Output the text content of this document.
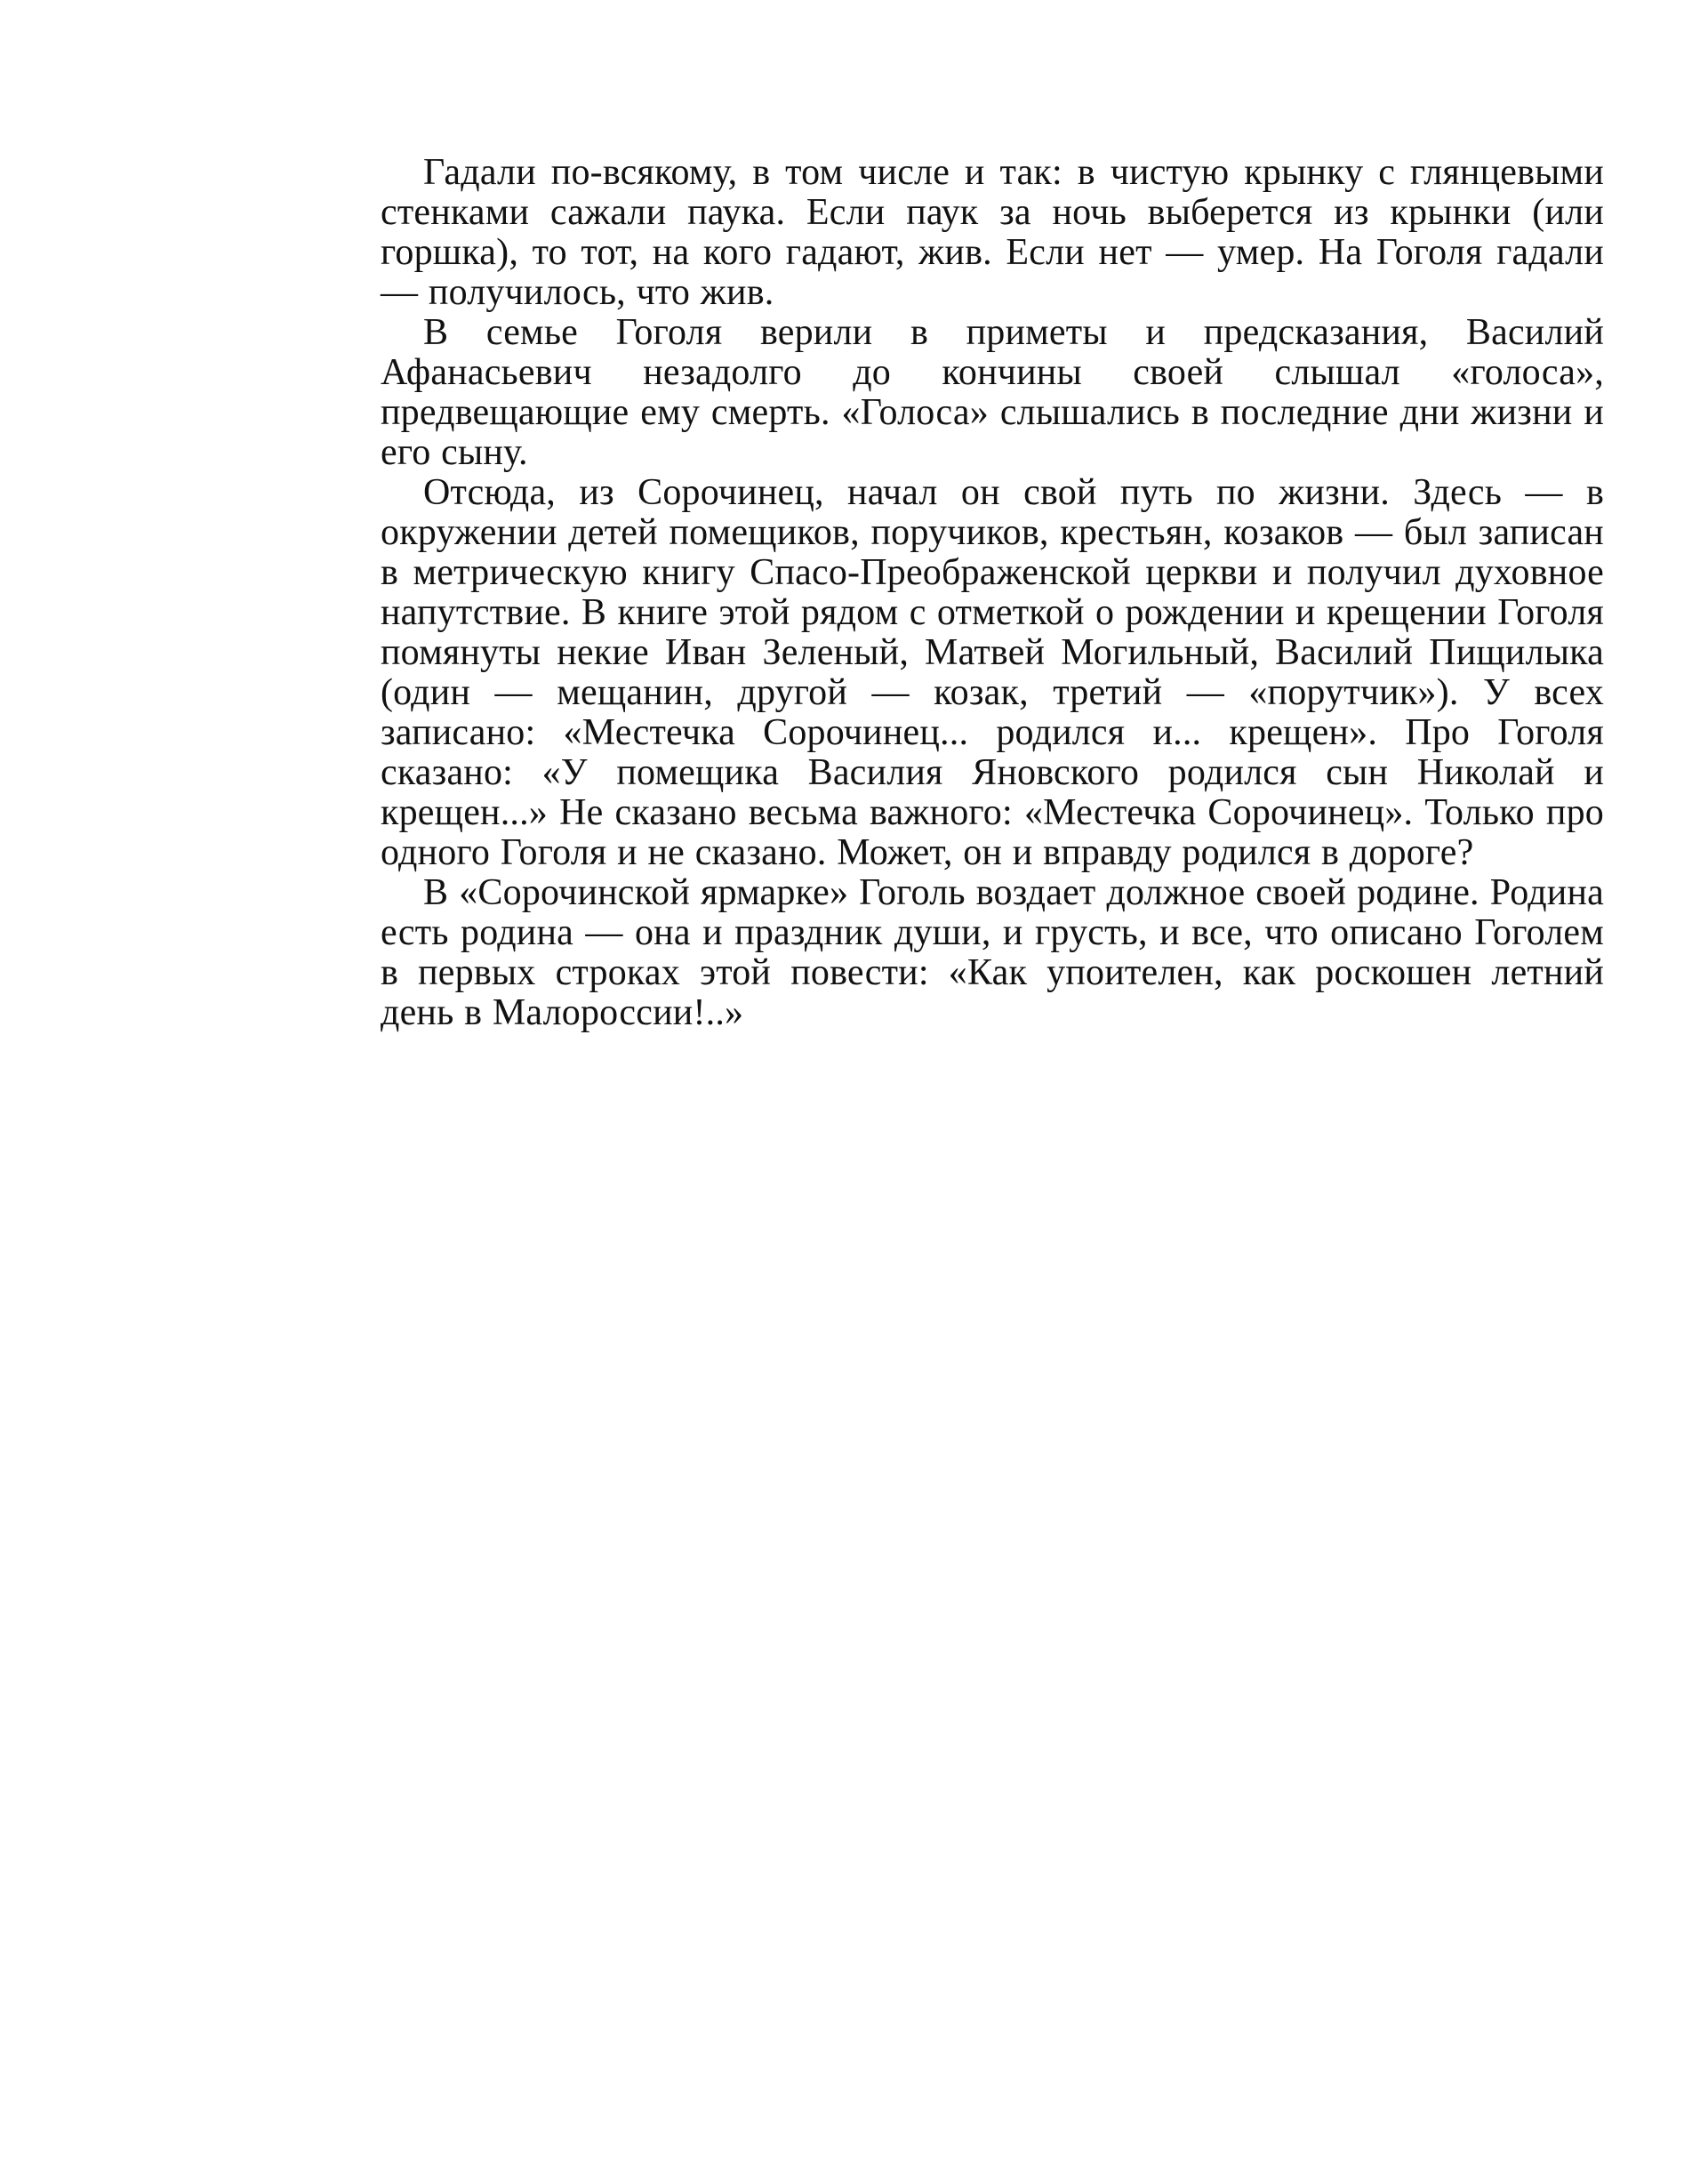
Гадали по-всякому, в том числе и так: в чистую крынку с глянцевыми стенками сажали паука. Если паук за ночь выберется из крынки (или горшка), то тот, на кого гадают, жив. Если нет — умер. На Гоголя гадали — получилось, что жив.

В семье Гоголя верили в приметы и предсказания, Василий Афанасьевич незадолго до кончины своей слышал «голоса», предвещающие ему смерть. «Голоса» слышались в последние дни жизни и его сыну.

Отсюда, из Сорочинец, начал он свой путь по жизни. Здесь — в окружении детей помещиков, поручиков, крестьян, козаков — был записан в метрическую книгу Спасо-Преображенской церкви и получил духовное напутствие. В книге этой рядом с отметкой о рождении и крещении Гоголя помянуты некие Иван Зеленый, Матвей Могильный, Василий Пищилыка (один — мещанин, другой — козак, третий — «порутчик»). У всех записано: «Местечка Сорочинец... родился и... крещен». Про Гоголя сказано: «У помещика Василия Яновского родился сын Николай и крещен...» Не сказано весьма важного: «Местечка Сорочинец». Только про одного Гоголя и не сказано. Может, он и вправду родился в дороге?

В «Сорочинской ярмарке» Гоголь воздает должное своей родине. Родина есть родина — она и праздник души, и грусть, и все, что описано Гоголем в первых строках этой повести: «Как упоителен, как роскошен летний день в Малороссии!..»
